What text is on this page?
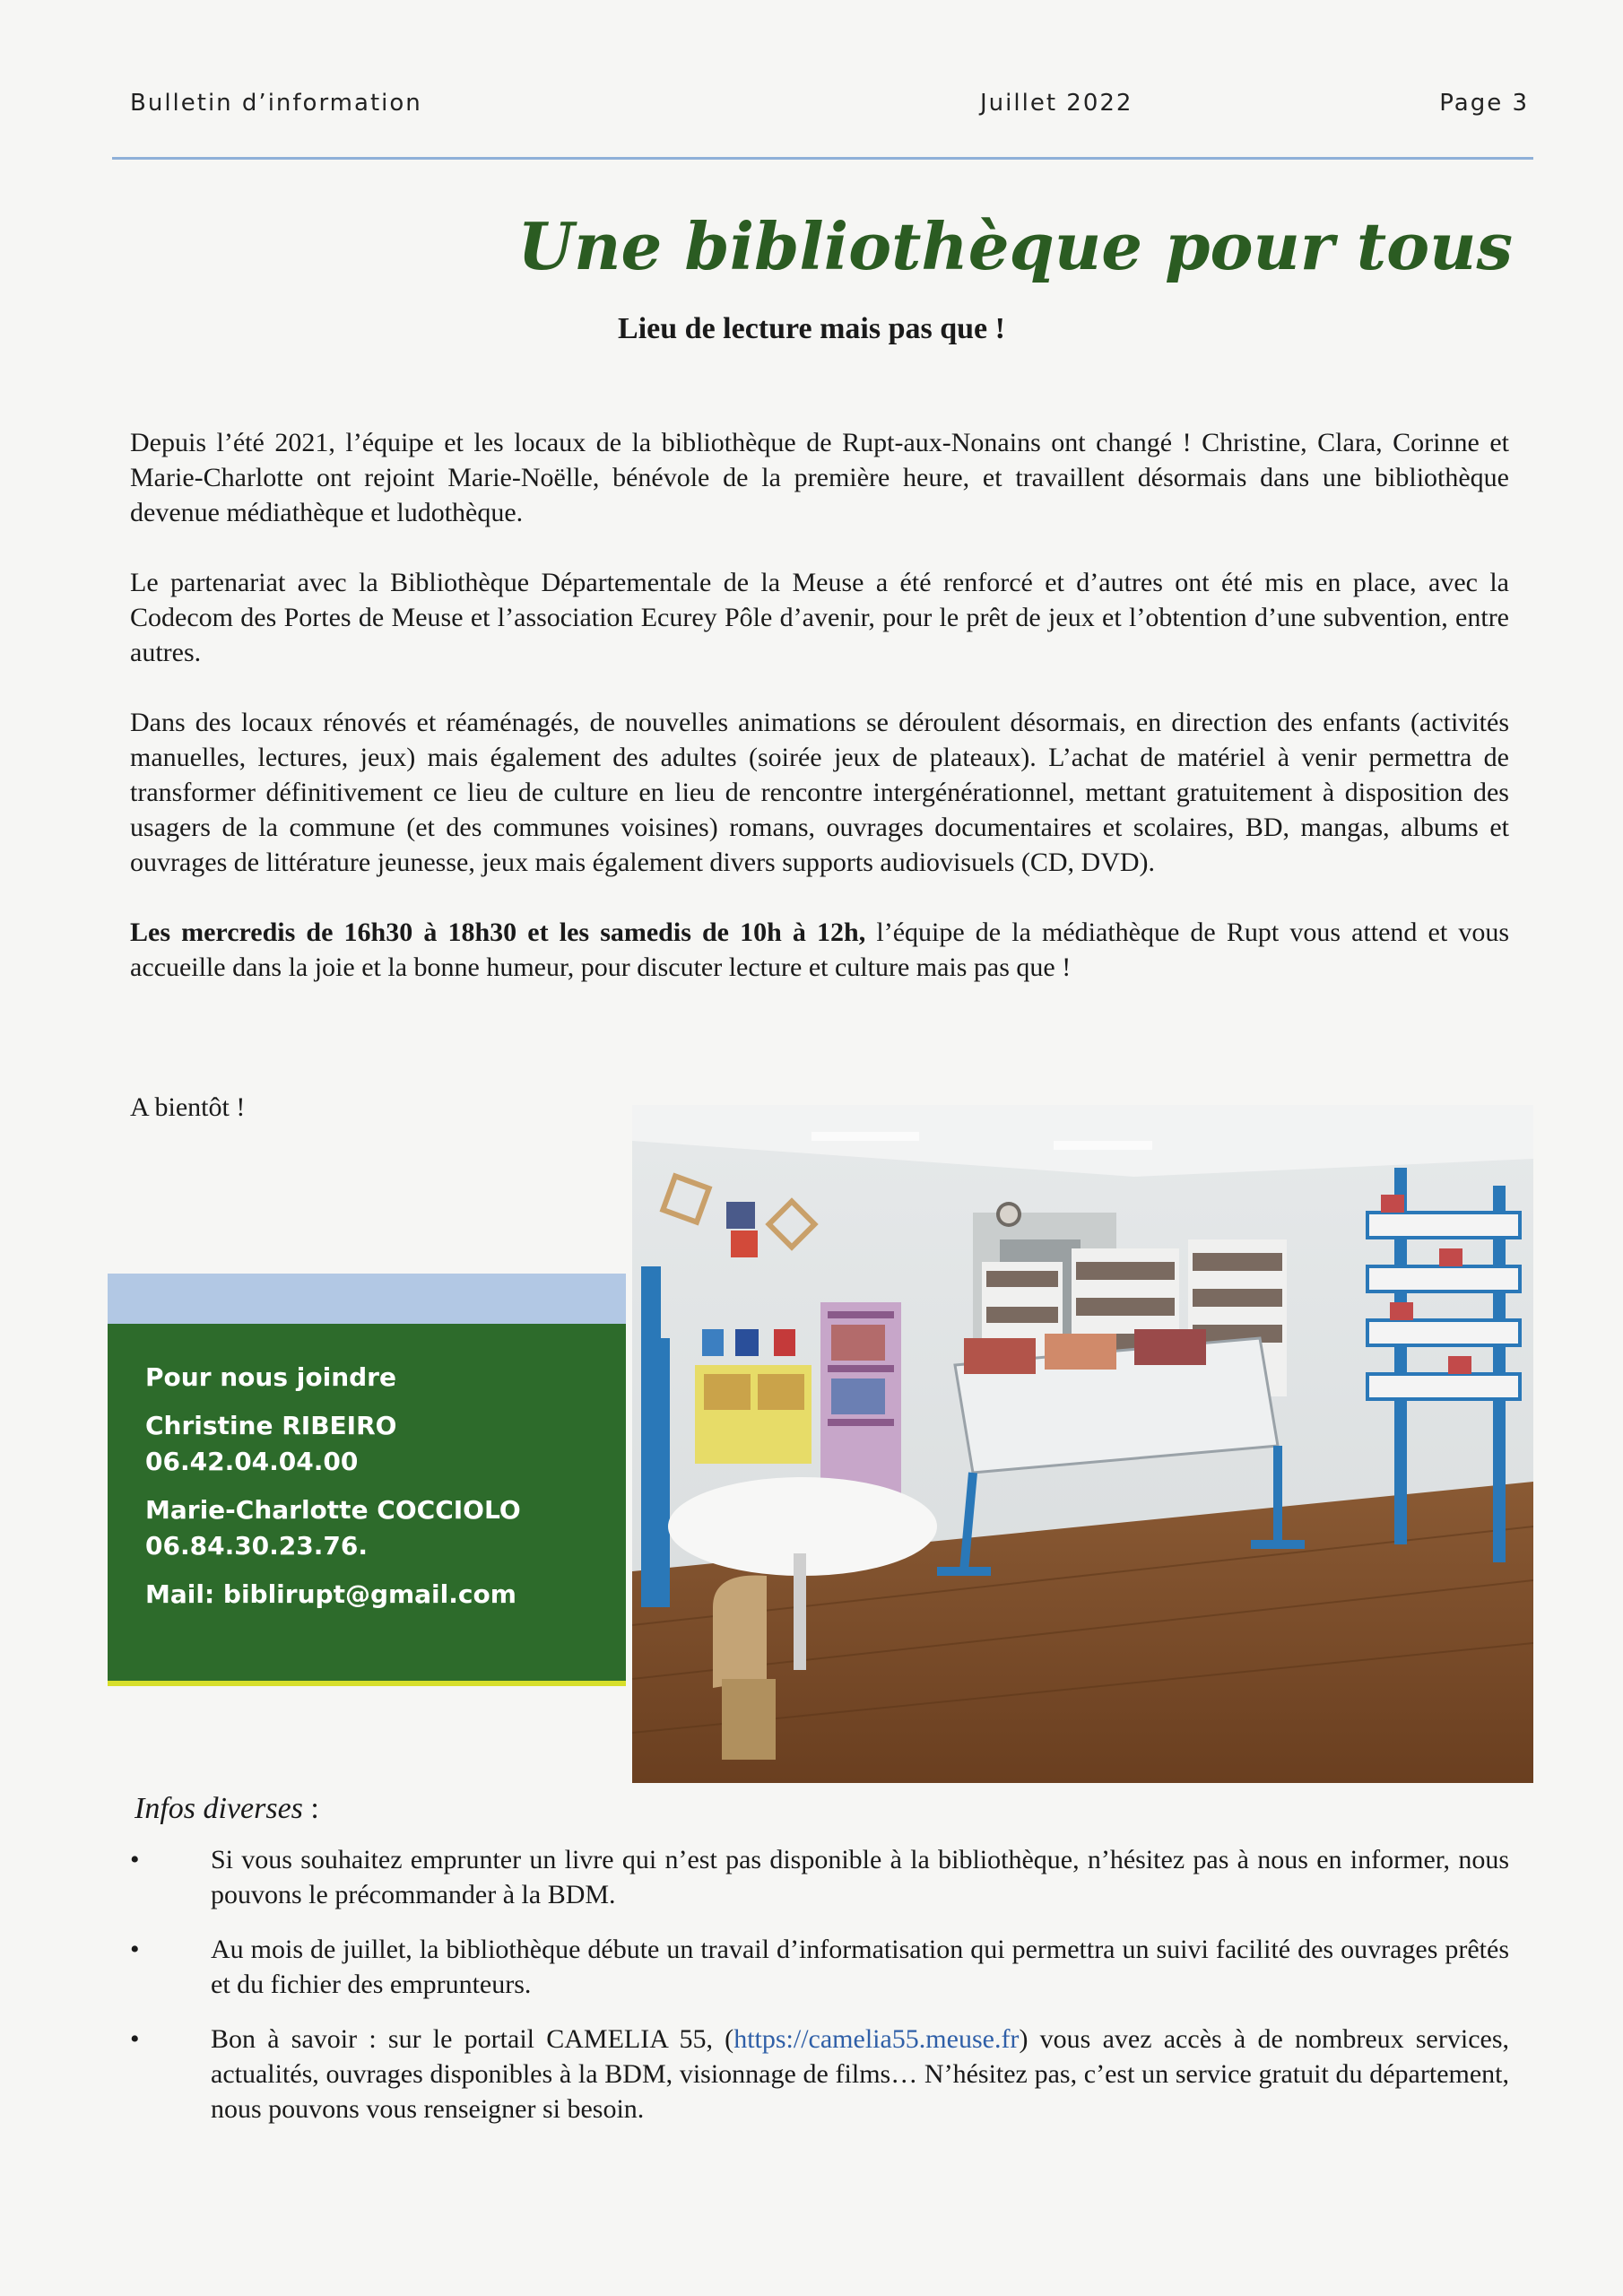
Bulletin d’information	Juillet 2022	Page 3
Une bibliothèque pour tous
Lieu de lecture mais pas que !

Depuis l’été 2021, l’équipe et les locaux de la bibliothèque de Rupt-aux-Nonains ont changé ! Christine, Clara, Corinne et Marie-Charlotte ont rejoint Marie-Noëlle, bénévole de la première heure, et travaillent désormais dans une bibliothèque devenue médiathèque et ludothèque.

Le partenariat avec la Bibliothèque Départementale de la Meuse a été renforcé et d’autres ont été mis en place, avec la Codecom des Portes de Meuse et l’association Ecurey Pôle d’avenir, pour le prêt de jeux et l’obtention d’une subvention, entre autres.

Dans des locaux rénovés et réaménagés, de nouvelles animations se déroulent désormais, en direction des enfants (activités manuelles, lectures, jeux) mais également des adultes (soirée jeux de plateaux). L’achat de matériel à venir permettra de transformer définitivement ce lieu de culture en lieu de rencontre intergénérationnel, mettant gratuitement à disposition des usagers de la commune (et des communes voisines) romans, ouvrages documentaires et scolaires, BD, mangas, albums et ouvrages de littérature jeunesse, jeux mais également divers supports audiovisuels (CD, DVD).

Les mercredis de 16h30 à 18h30 et les samedis de 10h à 12h, l’équipe de la médiathèque de Rupt vous attend et vous accueille dans la joie et la bonne humeur, pour discuter lecture et culture mais pas que !

A bientôt !
Pour nous joindre
Christine RIBEIRO
06.42.04.04.00
Marie-Charlotte COCCIOLO
06.84.30.23.76.
Mail: biblirupt@gmail.com
Infos diverses :
•	Si vous souhaitez emprunter un livre qui n’est pas disponible à la bibliothèque, n’hésitez pas à nous en informer, nous pouvons le précommander à la BDM.
•	Au mois de juillet, la bibliothèque débute un travail d’informatisation qui permettra un suivi facilité des ouvrages prêtés et du fichier des emprunteurs.
•	Bon à savoir : sur le portail CAMELIA 55, (https://camelia55.meuse.fr) vous avez accès à de nombreux services, actualités, ouvrages disponibles à la BDM, visionnage de films… N’hésitez pas, c’est un service gratuit du département, nous pouvons vous renseigner si besoin.
